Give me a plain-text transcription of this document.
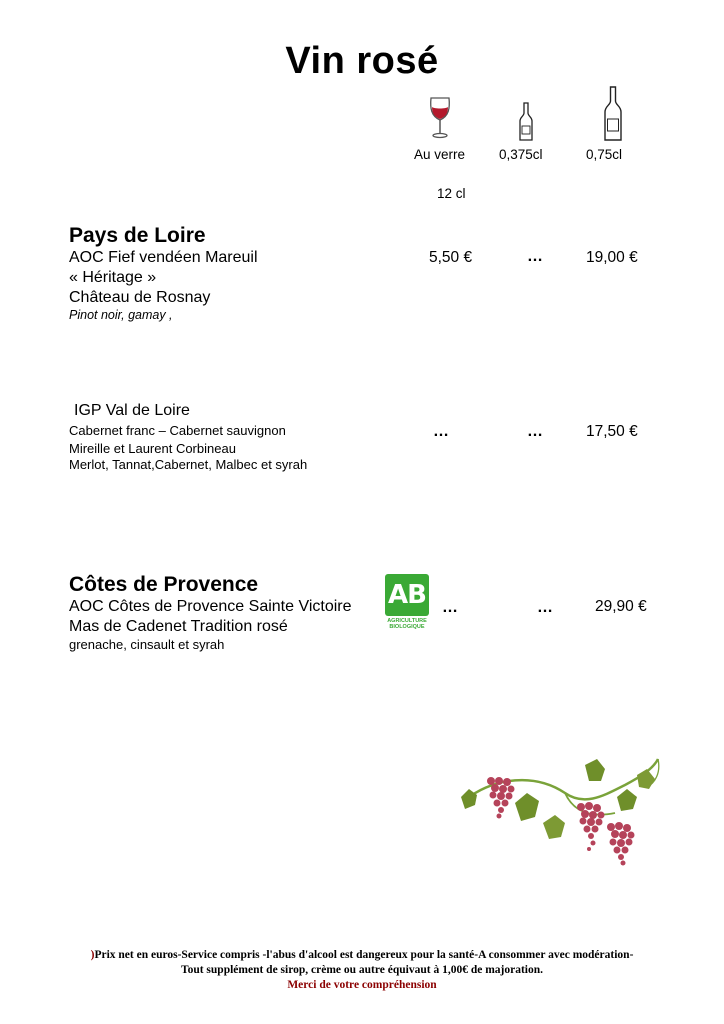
Vin rosé
Au verre	0,375cl	0,75cl
12 cl
Pays de Loire
AOC Fief vendéen Mareuil
« Héritage »
Château de Rosnay
Pinot noir, gamay ,
5,50 €	…	19,00 €
IGP Val de Loire
Cabernet franc – Cabernet sauvignon
Mireille et Laurent Corbineau
Merlot, Tannat,Cabernet, Malbec et syrah
…	…	17,50 €
Côtes de Provence
AOC Côtes de Provence Sainte Victoire
Mas de Cadenet Tradition rosé
grenache, cinsault et syrah
AB
AGRICULTURE
BIOLOGIQUE
…	…	29,90 €
)Prix net en euros-Service compris -l'abus d'alcool est dangereux pour la santé-A consommer avec modération-
Tout supplément de sirop, crème ou autre équivaut à 1,00€ de majoration.
Merci de votre compréhension
